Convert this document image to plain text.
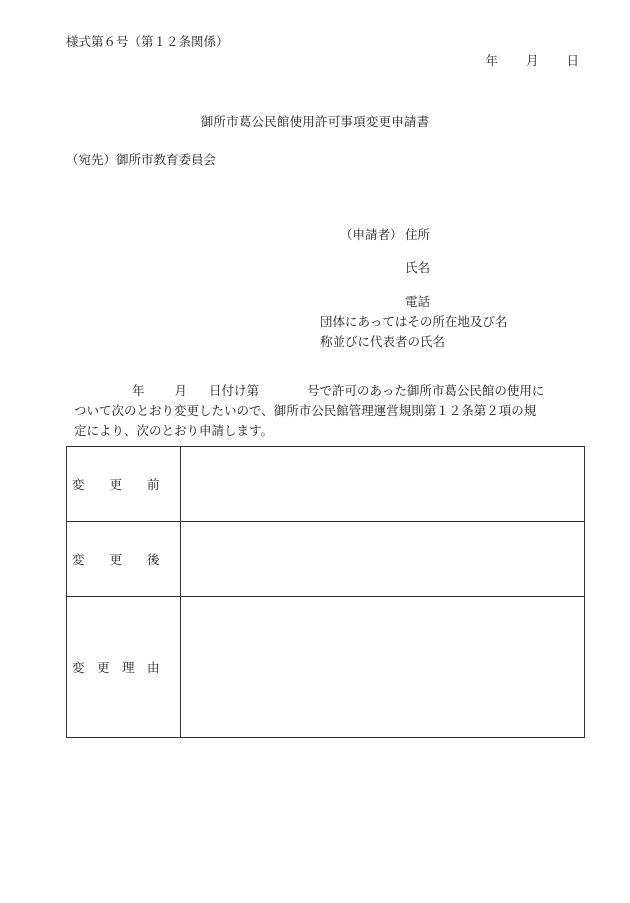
様式第６号（第１２条関係）
年 月 日
御所市葛公民館使用許可事項変更申請書
（宛先）御所市教育委員会
（申請者） 住所
氏名
電話
団体にあってはその所在地及び名
称並びに代表者の氏名
年 月 日付け第	号で許可のあった御所市葛公民館の使用に
ついて次のとおり変更したいので、御所市公民館管理運営規則第１２条第２項の規
定により、次のとおり申請します。
変　　更　　前	

変　　更　　後	

変　更　理　由	
